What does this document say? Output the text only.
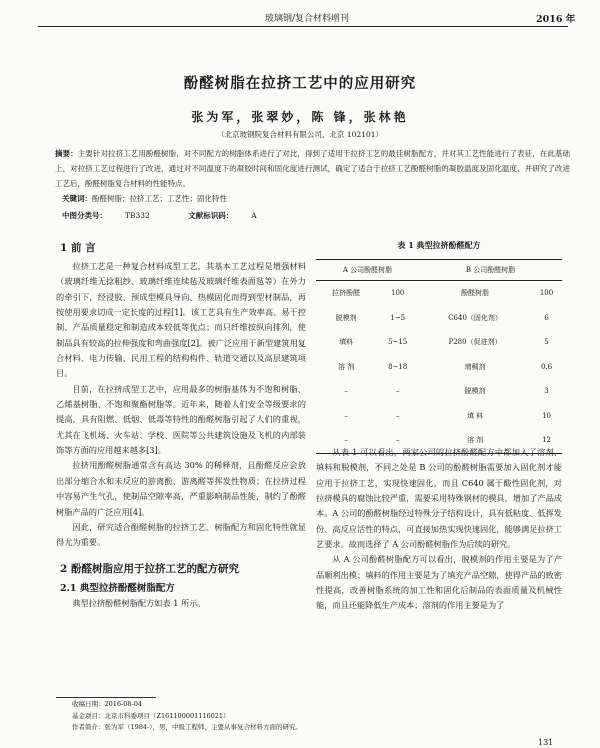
玻璃钢/复合材料增刊	2016 年
酚醛树脂在拉挤工艺中的应用研究
张为军，张翠妙，陈 锋，张林艳
（北京玻钢院复合材料有限公司，北京 102101）
摘要：主要针对拉挤工艺用酚醛树脂，对不同配方的树脂体系进行了对比，得到了适用于拉挤工艺的最佳树脂配方，并对其工艺性能进行了表征，在此基础上，对拉挤工艺过程进行了改进，通过对不同温度下的凝胶时间和固化度进行测试，确定了适合于拉挤工艺酚醛树脂的凝胶温度及固化温度，并研究了改进工艺后，酚醛树脂复合材料的性能特点。
关键词：酚醛树脂；拉挤工艺；工艺性；固化特性
中图分类号： TB332	文献标识码： A
1 前 言

拉挤工艺是一种复合材料成型工艺，其基本工艺过程是增强材料（玻璃纤维无捻粗纱、玻璃纤维连续毡及玻璃纤维表面毡等）在外力的牵引下，经浸胶、预成型模具导向、热模固化而得到型材制品，再按使用要求切成一定长度的过程[1]。该工艺具有生产效率高、易于控制、产品质量稳定和制造成本较低等优点；而只纤维按纵向排列，使制品具有较高的拉伸强度和弯曲强度[2]。被广泛应用于新型建筑用复合材料、电力传输、民用工程的结构构件、轨道交通以及高层建筑项目。

目前，在拉挤成型工艺中，应用最多的树脂基体为不饱和树脂、乙烯基树脂、不饱和聚酯树脂等。近年来，随着人们安全等级要求的提高，具有阻燃、低烟、低毒等特性的酚醛树脂引起了人们的重视，尤其在飞机场、火车站、学校、医院等公共建筑设施及飞机的内部装饰等方面的应用越来越多[3]。

拉挤用酚醛树脂通常含有高达 30% 的稀释剂，且酚醛反应会放出部分缩合水和未反应的游离酚、游离醛等挥发性物质；在拉挤过程中容易产生气孔，使制品空隙率高，严重影响制品性能，制约了酚醛树脂产品的广泛应用[4]。

因此，研究适合酚醛树脂的拉挤工艺、树脂配方和固化特性就显得尤为重要。

2 酚醛树脂应用于拉挤工艺的配方研究
2.1 典型拉挤酚醛树脂配方

典型拉挤酚醛树脂配方如表 1 所示。

表 1 典型拉挤酚醛配方
A 公司酚醛树脂		B 公司酚醛树脂	
拉挤酚醛	100	酚醛树脂	100
脱模剂	1~5	C640（固化剂）	6
填料	5~15	P280（促进剂）	5
溶 剂	8~18	增稠剂	0.6
–	–	脱模剂	3
–	–	填 料	10
–	–	溶 剂	12

从表 1 可以看出，两家公司的拉挤酚醛配方中都加入了溶剂、填料和脱模剂，不同之处是 B 公司的酚醛树脂需要加入固化剂才能应用于拉挤工艺，实现快速固化，而且 C640 属于酸性固化剂，对拉挤模具的腐蚀比较严重，需要采用特殊钢材的模具，增加了产品成本。A 公司的酚醛树脂经过特殊分子结构设计，具有低粘度、低挥发份、高反应活性的特点，可直接加热实现快速固化，能够满足拉挤工艺要求。故而选择了 A 公司酚醛树脂作为后续的研究。

从 A 公司酚醛树脂配方可以看出，脱模剂的作用主要是为了产品顺利出模；填料的作用主要是为了填充产品空隙，使得产品的致密性提高，改善树脂系统的加工性和固化后制品的表面质量及机械性能，而且还能降低生产成本；溶剂的作用主要是为了

收稿日期：2016-08-04
基金项目：北京市科委项目（Z161100001116021）
作者简介：张为军（1984-），男，中级工程师，主要从事复合材料方面的研究。
131
